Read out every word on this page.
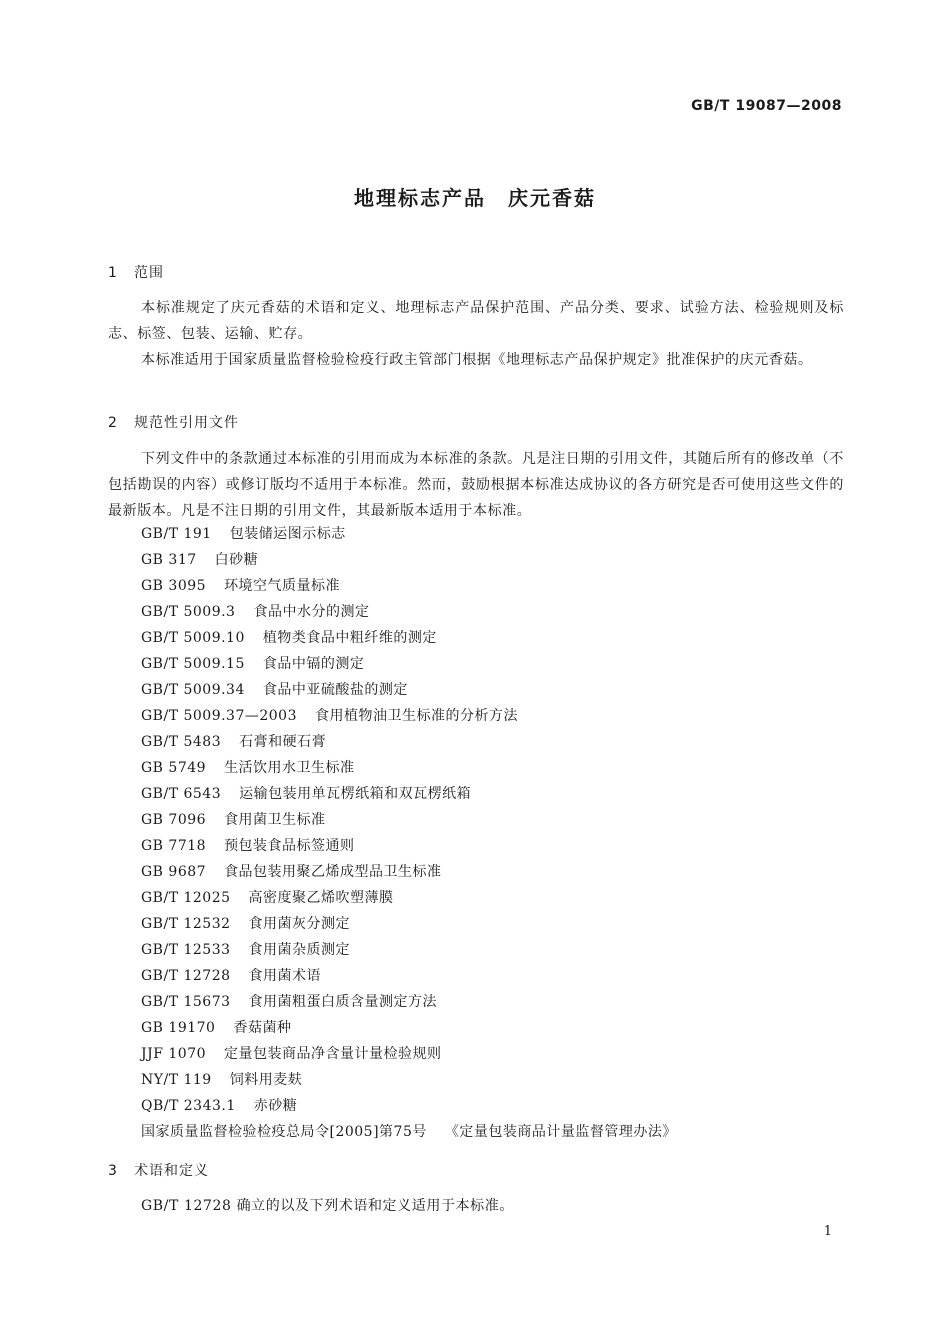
GB/T 19087—2008
地理标志产品　庆元香菇
1 范围
本标准规定了庆元香菇的术语和定义、地理标志产品保护范围、产品分类、要求、试验方法、检验规则及标志、标签、包装、运输、贮存。
本标准适用于国家质量监督检验检疫行政主管部门根据《地理标志产品保护规定》批准保护的庆元香菇。
2 规范性引用文件
下列文件中的条款通过本标准的引用而成为本标准的条款。凡是注日期的引用文件，其随后所有的修改单（不包括勘误的内容）或修订版均不适用于本标准。然而，鼓励根据本标准达成协议的各方研究是否可使用这些文件的最新版本。凡是不注日期的引用文件，其最新版本适用于本标准。
GB/T 191 包装储运图示标志
GB 317 白砂糖
GB 3095 环境空气质量标准
GB/T 5009.3 食品中水分的测定
GB/T 5009.10 植物类食品中粗纤维的测定
GB/T 5009.15 食品中镉的测定
GB/T 5009.34 食品中亚硫酸盐的测定
GB/T 5009.37—2003 食用植物油卫生标准的分析方法
GB/T 5483 石膏和硬石膏
GB 5749 生活饮用水卫生标准
GB/T 6543 运输包装用单瓦楞纸箱和双瓦楞纸箱
GB 7096 食用菌卫生标准
GB 7718 预包装食品标签通则
GB 9687 食品包装用聚乙烯成型品卫生标准
GB/T 12025 高密度聚乙烯吹塑薄膜
GB/T 12532 食用菌灰分测定
GB/T 12533 食用菌杂质测定
GB/T 12728 食用菌术语
GB/T 15673 食用菌粗蛋白质含量测定方法
GB 19170 香菇菌种
JJF 1070 定量包装商品净含量计量检验规则
NY/T 119 饲料用麦麸
QB/T 2343.1 赤砂糖
国家质量监督检验检疫总局令[2005]第75号 《定量包装商品计量监督管理办法》
3 术语和定义
GB/T 12728 确立的以及下列术语和定义适用于本标准。
1
